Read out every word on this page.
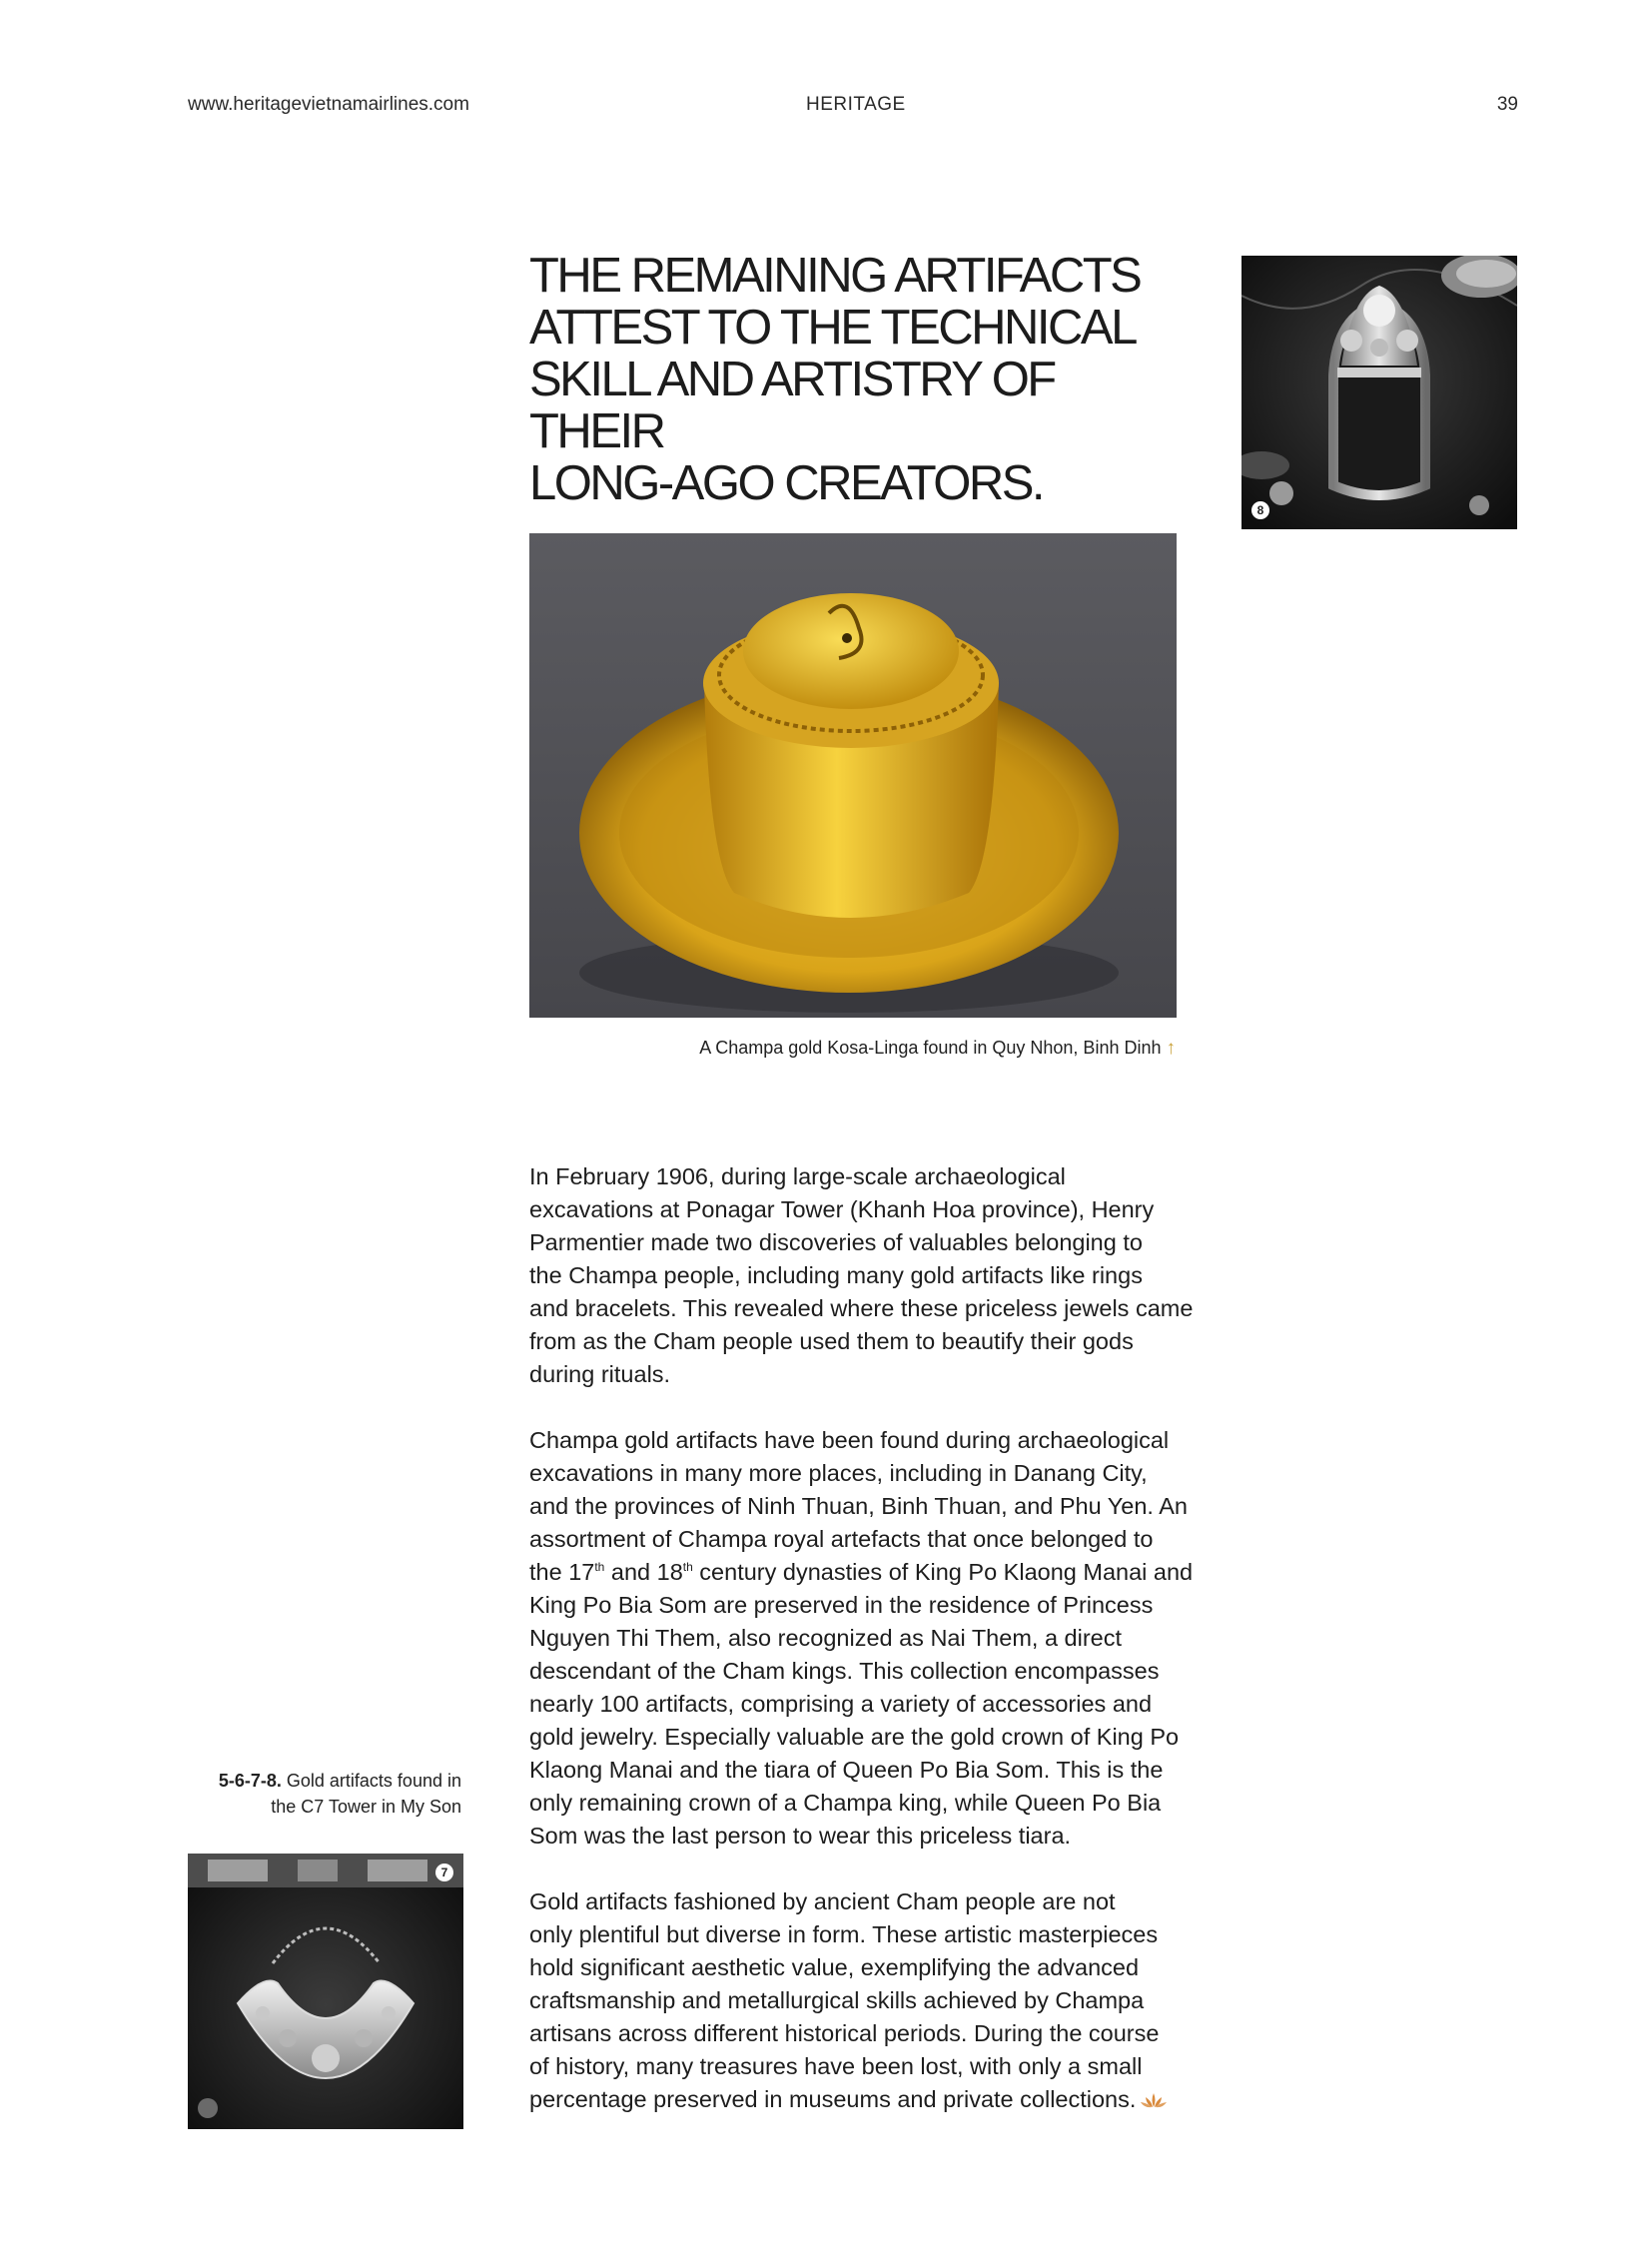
www.heritagevietnamairlines.com	HERITAGE	39
THE REMAINING ARTIFACTS
ATTEST TO THE TECHNICAL
SKILL AND ARTISTRY OF THEIR
LONG-AGO CREATORS.	8
A Champa gold Kosa-Linga found in Quy Nhon, Binh Dinh ↑
5-6-7-8. Gold artifacts found in
the C7 Tower in My Son
7

In February 1906, during large-scale archaeological
excavations at Ponagar Tower (Khanh Hoa province), Henry
Parmentier made two discoveries of valuables belonging to
the Champa people, including many gold artifacts like rings
and bracelets. This revealed where these priceless jewels came
from as the Cham people used them to beautify their gods
during rituals.

Champa gold artifacts have been found during archaeological
excavations in many more places, including in Danang City,
and the provinces of Ninh Thuan, Binh Thuan, and Phu Yen. An
assortment of Champa royal artefacts that once belonged to
the 17th and 18th century dynasties of King Po Klaong Manai and
King Po Bia Som are preserved in the residence of Princess
Nguyen Thi Them, also recognized as Nai Them, a direct
descendant of the Cham kings. This collection encompasses
nearly 100 artifacts, comprising a variety of accessories and
gold jewelry. Especially valuable are the gold crown of King Po
Klaong Manai and the tiara of Queen Po Bia Som. This is the
only remaining crown of a Champa king, while Queen Po Bia
Som was the last person to wear this priceless tiara.

Gold artifacts fashioned by ancient Cham people are not
only plentiful but diverse in form. These artistic masterpieces
hold significant aesthetic value, exemplifying the advanced
craftsmanship and metallurgical skills achieved by Champa
artisans across different historical periods. During the course
of history, many treasures have been lost, with only a small
percentage preserved in museums and private collections.
